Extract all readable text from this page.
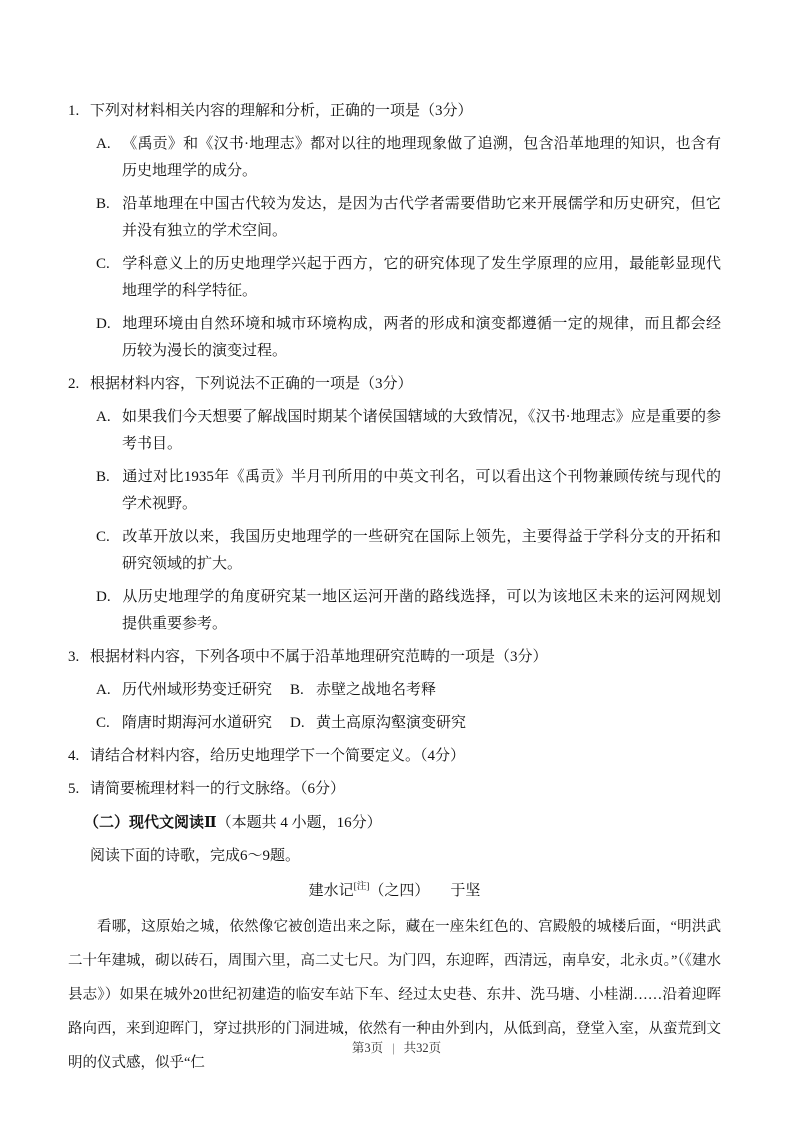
1. 下列对材料相关内容的理解和分析，正确的一项是（3分）

A. 《禹贡》和《汉书·地理志》都对以往的地理现象做了追溯，包含沿革地理的知识，也含有历史地理学的成分。

B. 沿革地理在中国古代较为发达，是因为古代学者需要借助它来开展儒学和历史研究，但它并没有独立的学术空间。

C. 学科意义上的历史地理学兴起于西方，它的研究体现了发生学原理的应用，最能彰显现代地理学的科学特征。

D. 地理环境由自然环境和城市环境构成，两者的形成和演变都遵循一定的规律，而且都会经历较为漫长的演变过程。

2. 根据材料内容，下列说法不正确的一项是（3分）

A. 如果我们今天想要了解战国时期某个诸侯国辖域的大致情况，《汉书·地理志》应是重要的参考书目。

B. 通过对比1935年《禹贡》半月刊所用的中英文刊名，可以看出这个刊物兼顾传统与现代的学术视野。

C. 改革开放以来，我国历史地理学的一些研究在国际上领先，主要得益于学科分支的开拓和研究领域的扩大。

D. 从历史地理学的角度研究某一地区运河开凿的路线选择，可以为该地区未来的运河网规划提供重要参考。

3. 根据材料内容，下列各项中不属于沿革地理研究范畴的一项是（3分）

A. 历代州域形势变迁研究	B. 赤壁之战地名考释

C. 隋唐时期海河水道研究	D. 黄土高原沟壑演变研究

4. 请结合材料内容，给历史地理学下一个简要定义。（4分）

5. 请简要梳理材料一的行文脉络。（6分）

（二）现代文阅读Ⅱ（本题共 4 小题，16分）

阅读下面的诗歌，完成6～9题。

建水记[注]（之四） 于坚

看哪，这原始之城，依然像它被创造出来之际，藏在一座朱红色的、宫殿般的城楼后面，“明洪武二十年建城，砌以砖石，周围六里，高二丈七尺。为门四，东迎晖，西清远，南阜安，北永贞。”（《建水县志》）如果在城外20世纪初建造的临安车站下车、经过太史巷、东井、洗马塘、小桂湖……沿着迎晖路向西，来到迎晖门，穿过拱形的门洞进城，依然有一种由外到内，从低到高，登堂入室，从蛮荒到文明的仪式感，似乎“仁

第3页 | 共32页
